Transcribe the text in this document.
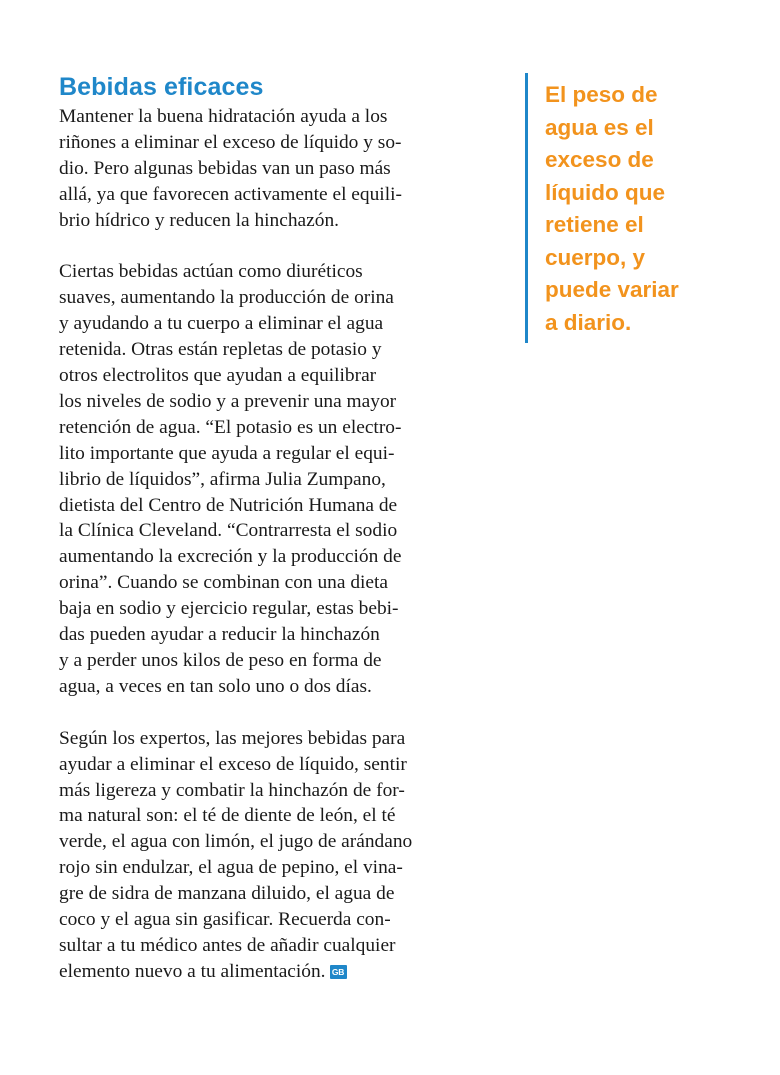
Bebidas eficaces

Mantener la buena hidratación ayuda a los
riñones a eliminar el exceso de líquido y so-
dio. Pero algunas bebidas van un paso más
allá, ya que favorecen activamente el equili-
brio hídrico y reducen la hinchazón.

Ciertas bebidas actúan como diuréticos
suaves, aumentando la producción de orina
y ayudando a tu cuerpo a eliminar el agua
retenida. Otras están repletas de potasio y
otros electrolitos que ayudan a equilibrar
los niveles de sodio y a prevenir una mayor
retención de agua. “El potasio es un electro-
lito importante que ayuda a regular el equi-
librio de líquidos”, afirma Julia Zumpano,
dietista del Centro de Nutrición Humana de
la Clínica Cleveland. “Contrarresta el sodio
aumentando la excreción y la producción de
orina”. Cuando se combinan con una dieta
baja en sodio y ejercicio regular, estas bebi-
das pueden ayudar a reducir la hinchazón
y a perder unos kilos de peso en forma de
agua, a veces en tan solo uno o dos días.

Según los expertos, las mejores bebidas para
ayudar a eliminar el exceso de líquido, sentir
más ligereza y combatir la hinchazón de for-
ma natural son: el té de diente de león, el té
verde, el agua con limón, el jugo de arándano
rojo sin endulzar, el agua de pepino, el vina-
gre de sidra de manzana diluido, el agua de
coco y el agua sin gasificar. Recuerda con-
sultar a tu médico antes de añadir cualquier
elemento nuevo a tu alimentación. GB

El peso de
agua es el
exceso de
líquido que
retiene el
cuerpo, y
puede variar
a diario.
